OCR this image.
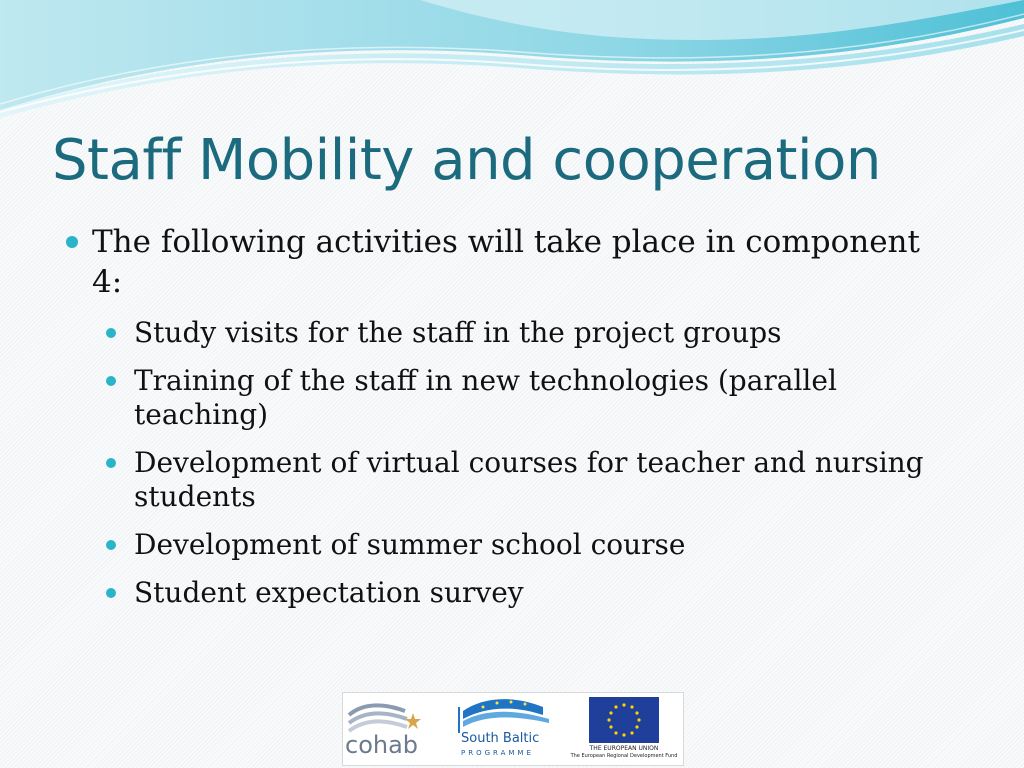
Staff Mobility and cooperation
The following activities will take place in component 4:
Study visits for the staff in the project groups
Training of the staff in new technologies (parallel teaching)
Development of virtual courses for teacher and nursing students
Development of summer school course
Student expectation survey
cohab	South Baltic
PROGRAMME
THE EUROPEAN UNION
The European Regional Development Fund
